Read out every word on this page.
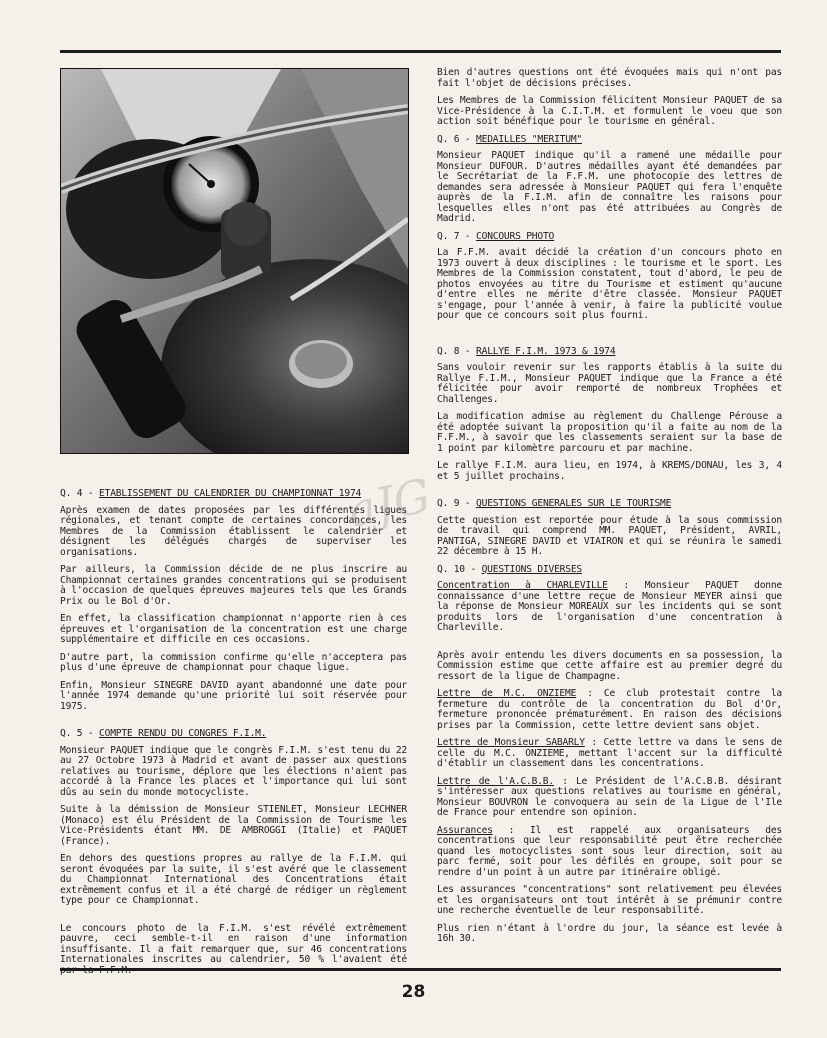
Q. 4 - ETABLISSEMENT DU CALENDRIER DU CHAMPIONNAT 1974

Après examen de dates proposées par les différentes ligues régionales, et tenant compte de certaines concordances, les Membres de la Commission établissent le calendrier et désignent les délégués chargés de superviser les organisations.

Par ailleurs, la Commission décide de ne plus inscrire au Championnat certaines grandes concentrations qui se produisent à l'occasion de quelques épreuves majeures tels que les Grands Prix ou le Bol d'Or.

En effet, la classification championnat n'apporte rien à ces épreuves et l'organisation de la concentration est une charge supplémentaire et difficile en ces occasions.

D'autre part, la commission confirme qu'elle n'acceptera pas plus d'une épreuve de championnat pour chaque ligue.

Enfin, Monsieur SINEGRE DAVID ayant abandonné une date pour l'année 1974 demande qu'une priorité lui soit réservée pour 1975.

Q. 5 - COMPTE RENDU DU CONGRES F.I.M.

Monsieur PAQUET indique que le congrès F.I.M. s'est tenu du 22 au 27 Octobre 1973 à Madrid et avant de passer aux questions relatives au tourisme, déplore que les élections n'aient pas accordé à la France les places et l'importance qui lui sont dûs au sein du monde motocycliste.

Suite à la démission de Monsieur STIENLET, Monsieur LECHNER (Monaco) est élu Président de la Commission de Tourisme les Vice-Présidents étant MM. DE AMBROGGI (Italie) et PAQUET (France).

En dehors des questions propres au rallye de la F.I.M. qui seront évoquées par la suite, il s'est avéré que le classement du Championnat International des Concentrations était extrêmement confus et il a été chargé de rédiger un règlement type pour ce Championnat.

Le concours photo de la F.I.M. s'est révélé extrêmement pauvre, ceci semble-t-il en raison d'une information insuffisante. Il a fait remarquer que, sur 46 concentrations Internationales inscrites au calendrier, 50 % l'avaient été

aJG

Bien d'autres questions ont été évoquées mais qui n'ont pas fait l'objet de décisions précises.

Les Membres de la Commission félicitent Monsieur PAQUET de sa Vice-Présidence à la C.I.T.M. et formulent le voeu que son action soit bénéfique pour le tourisme en général.

Q. 6 - MEDAILLES "MERITUM"

Monsieur PAQUET indique qu'il a ramené une médaille pour Monsieur DUFOUR. D'autres médailles ayant été demandées par le Secrétariat de la F.F.M. une photocopie des lettres de demandes sera adressée à Monsieur PAQUET qui fera l'enquête auprès de la F.I.M. afin de connaître les raisons pour lesquelles elles n'ont pas été attribuées au Congrès de Madrid.

Q. 7 - CONCOURS PHOTO

La F.F.M. avait décidé la création d'un concours photo en 1973 ouvert à deux disciplines : le tourisme et le sport. Les Membres de la Commission constatent, tout d'abord, le peu de photos envoyées au titre du Tourisme et estiment qu'aucune d'entre elles ne mérite d'être classée. Monsieur PAQUET s'engage, pour l'année à venir, à faire la publicité voulue pour que ce concours soit plus fourni.

Q. 8 - RALLYE F.I.M. 1973 & 1974

Sans vouloir revenir sur les rapports établis à la suite du Rallye F.I.M., Monsieur PAQUET indique que la France a été félicitée pour avoir remporté de nombreux Trophées et Challenges.

La modification admise au règlement du Challenge Pérouse a été adoptée suivant la proposition qu'il a faite au nom de la F.F.M., à savoir que les classements seraient sur la base de 1 point par kilomètre parcouru et par machine.

Le rallye F.I.M. aura lieu, en 1974, à KREMS/DONAU, les 3, 4 et 5 juillet prochains.

Q. 9 - QUESTIONS GENERALES SUR LE TOURISME

Cette question est reportée pour étude à la sous commission de travail qui comprend MM. PAQUET, Président, AVRIL, PANTIGA, SINEGRE DAVID et VIAIRON et qui se réunira le samedi 22 décembre à 15 H.

Q. 10 - QUESTIONS DIVERSES

Concentration à CHARLEVILLE : Monsieur PAQUET donne connaissance d'une lettre reçue de Monsieur MEYER ainsi que la réponse de Monsieur MOREAUX sur les incidents qui se sont produits lors de l'organisation d'une concentration à Charleville.

Après avoir entendu les divers documents en sa possession, la Commission estime que cette affaire est au premier degré du ressort de la ligue de Champagne.

Lettre de M.C. ONZIEME : Ce club protestait contre la fermeture du contrôle de la concentration du Bol d'Or, fermeture prononcée prématurément. En raison des décisions prises par la Commission, cette lettre devient sans objet.

Lettre de Monsieur SABARLY : Cette lettre va dans le sens de celle du M.C. ONZIEME, mettant l'accent sur la difficulté d'établir un classement dans les concentrations.

Lettre de l'A.C.B.B. : Le Président de l'A.C.B.B. désirant s'intéresser aux questions relatives au tourisme en général, Monsieur BOUVRON le convoquera au sein de la Ligue de l'Ile de France pour entendre son opinion.

Assurances : Il est rappelé aux organisateurs des concentrations que leur responsabilité peut être recherchée quand les motocyclistes sont sous leur direction, soit au parc fermé, soit pour les défilés en groupe, soit pour se rendre d'un point à un autre par itinéraire obligé.

Les assurances "concentrations" sont relativement peu élevées et les organisateurs ont tout intérêt à se prémunir contre une recherche éventuelle de leur responsabilité.

Plus rien n'étant à l'ordre du jour, la séance est levée à 16h 30.

28
